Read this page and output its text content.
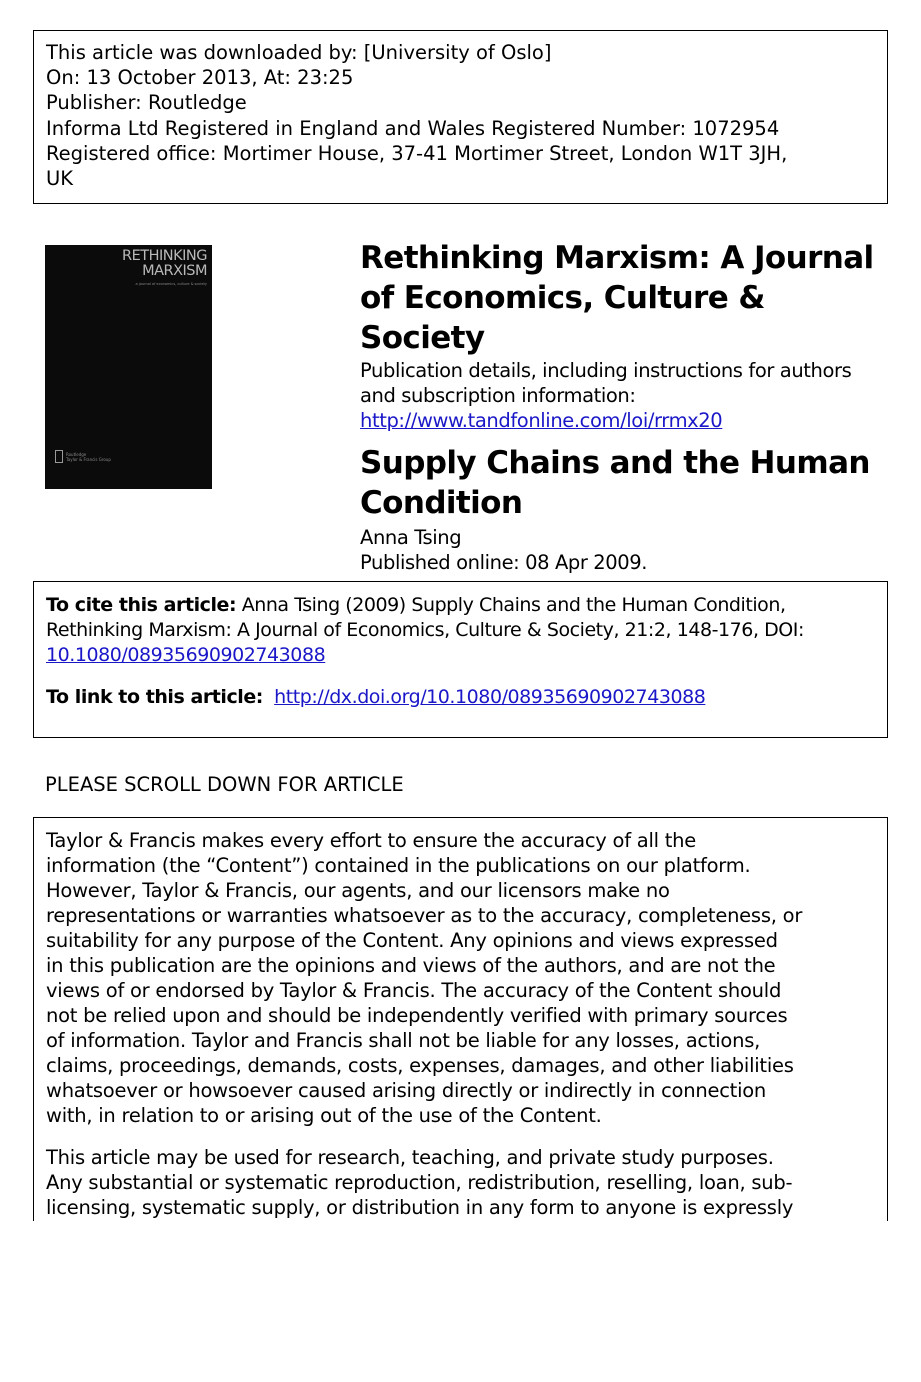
This article was downloaded by: [University of Oslo]
On: 13 October 2013, At: 23:25
Publisher: Routledge
Informa Ltd Registered in England and Wales Registered Number: 1072954
Registered office: Mortimer House, 37-41 Mortimer Street, London W1T 3JH,
UK
RETHINKING
MARXISM
a journal of economics, culture & society
Routledge
Taylor & Francis Group
Rethinking Marxism: A Journal
of Economics, Culture & Society
Publication details, including instructions for authors
and subscription information:
http://www.tandfonline.com/loi/rrmx20
Supply Chains and the Human
Condition
Anna Tsing
Published online: 08 Apr 2009.
To cite this article: Anna Tsing (2009) Supply Chains and the Human Condition,
Rethinking Marxism: A Journal of Economics, Culture & Society, 21:2, 148-176, DOI:
10.1080/08935690902743088
To link to this article: http://dx.doi.org/10.1080/08935690902743088
PLEASE SCROLL DOWN FOR ARTICLE

Taylor & Francis makes every effort to ensure the accuracy of all the
information (the “Content”) contained in the publications on our platform.
However, Taylor & Francis, our agents, and our licensors make no
representations or warranties whatsoever as to the accuracy, completeness, or
suitability for any purpose of the Content. Any opinions and views expressed
in this publication are the opinions and views of the authors, and are not the
views of or endorsed by Taylor & Francis. The accuracy of the Content should
not be relied upon and should be independently verified with primary sources
of information. Taylor and Francis shall not be liable for any losses, actions,
claims, proceedings, demands, costs, expenses, damages, and other liabilities
whatsoever or howsoever caused arising directly or indirectly in connection
with, in relation to or arising out of the use of the Content.

This article may be used for research, teaching, and private study purposes.
Any substantial or systematic reproduction, redistribution, reselling, loan, sub-
licensing, systematic supply, or distribution in any form to anyone is expressly
